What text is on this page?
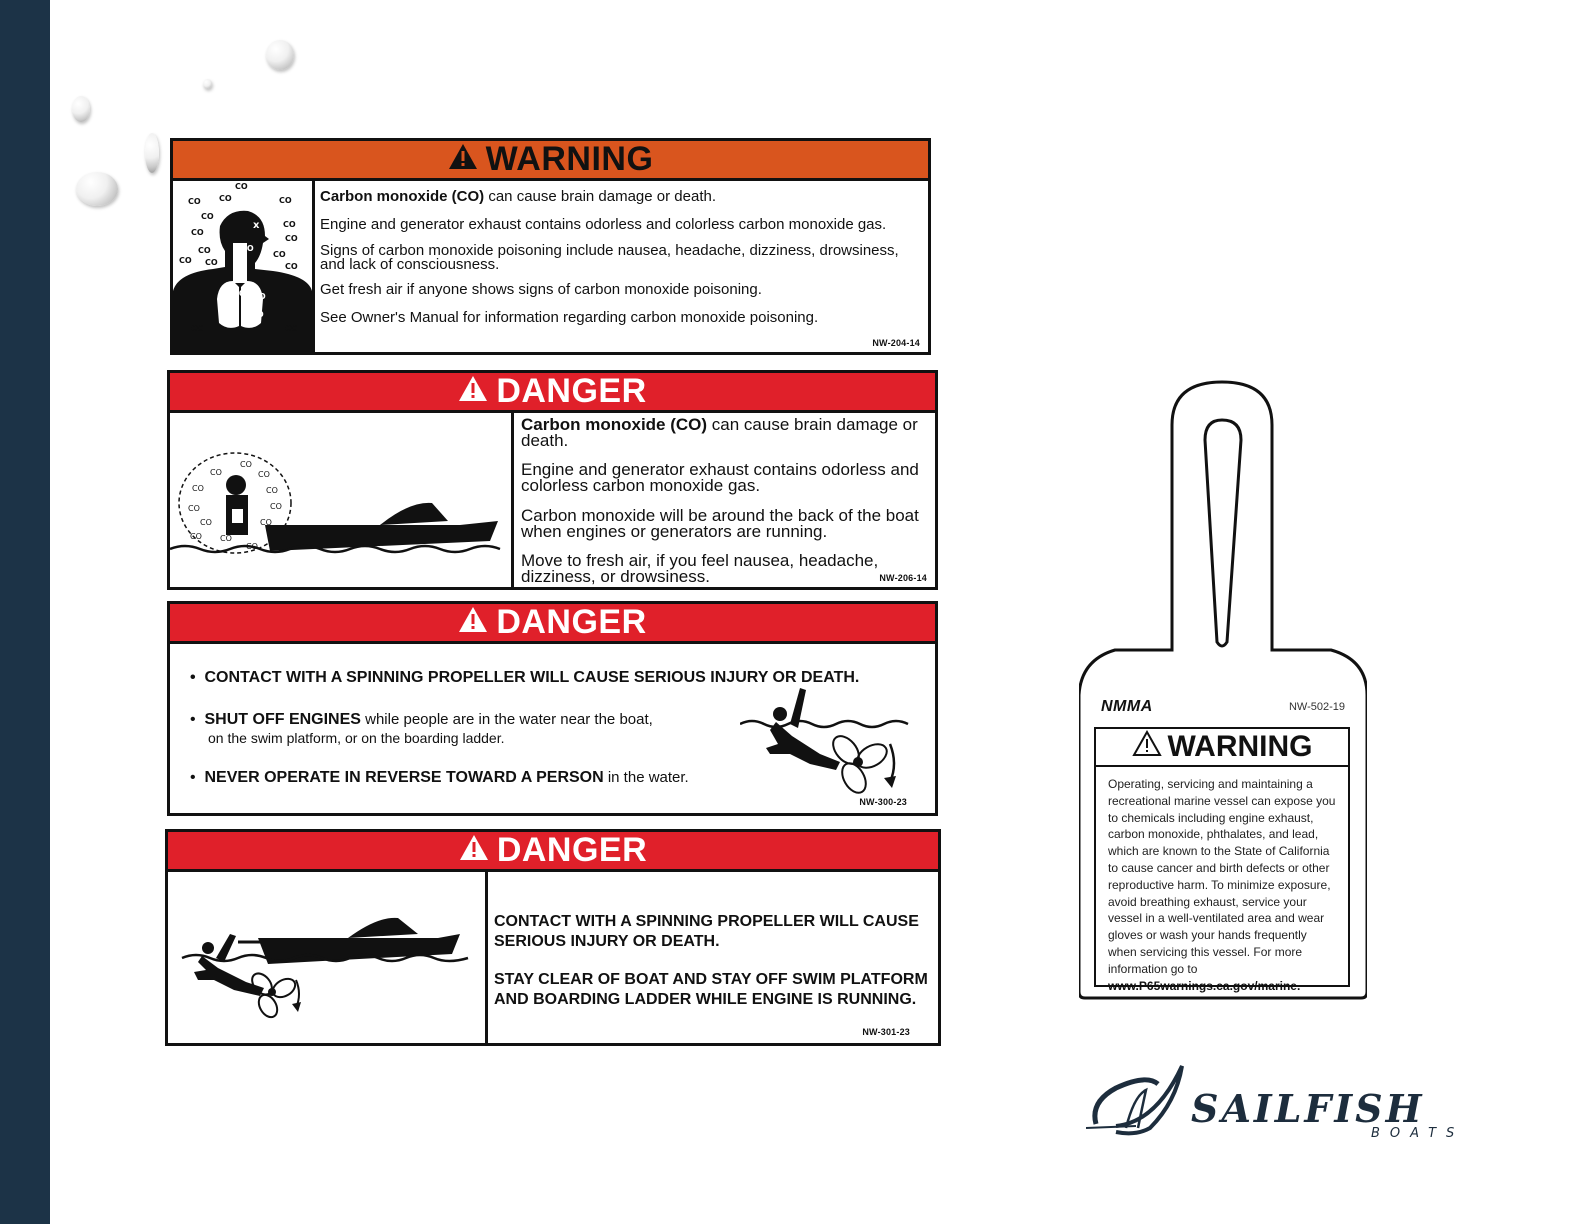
WARNING
CO
CO CO	CO
CO
CO
CO
CO
CO	CO
CO CO	CO
CO	CO
CO
CO CO
CO
CO
x

Carbon monoxide (CO) can cause brain damage or death.

Engine and generator exhaust contains odorless and colorless carbon monoxide gas.

Signs of carbon monoxide poisoning include nausea, headache, dizziness, drowsiness, and lack of consciousness.

Get fresh air if anyone shows signs of carbon monoxide poisoning.

See Owner's Manual for information regarding carbon monoxide poisoning.

NW-204-14
DANGER
CO
CO	CO
CO	CO
CO	CO
CO	CO
CO CO
CO

Carbon monoxide (CO) can cause brain damage or death.

Engine and generator exhaust contains odorless and colorless carbon monoxide gas.

Carbon monoxide will be around the back of the boat when engines or generators are running.

Move to fresh air, if you feel nausea, headache, dizziness, or drowsiness.	NW-206-14
DANGER
•  CONTACT WITH A SPINNING PROPELLER WILL CAUSE SERIOUS INJURY OR DEATH.
•  SHUT OFF ENGINES while people are in the water near the boat,
on the swim platform, or on the boarding ladder.
•  NEVER OPERATE IN REVERSE TOWARD A PERSON in the water.
NW-300-23
DANGER

CONTACT WITH A SPINNING PROPELLER WILL CAUSE SERIOUS INJURY OR DEATH.

STAY CLEAR OF BOAT AND STAY OFF SWIM PLATFORM AND BOARDING LADDER WHILE ENGINE IS RUNNING.

NW-301-23
NMMA	NW-502-19
WARNING
Operating, servicing and maintaining a recreational marine vessel can expose you to chemicals including engine exhaust, carbon monoxide, phthalates, and lead, which are known to the State of California to cause cancer and birth defects or other reproductive harm. To minimize exposure, avoid breathing exhaust, service your vessel in a well-ventilated area and wear gloves or wash your hands frequently when servicing this vessel. For more information go to www.P65warnings.ca.gov/marine.
SAILFISH
BOATS
